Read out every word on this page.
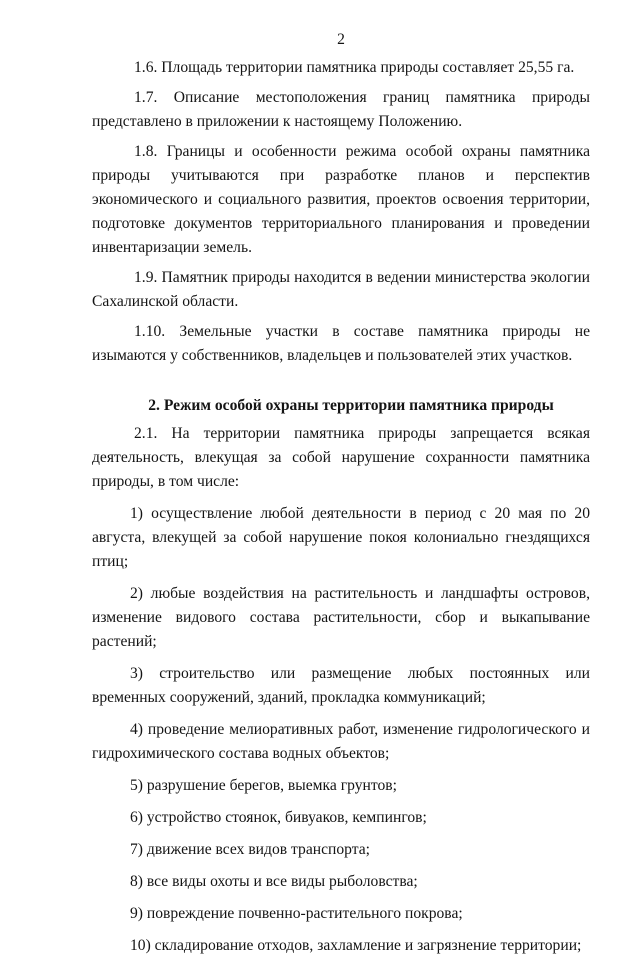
2

1.6. Площадь территории памятника природы составляет 25,55 га.

1.7. Описание местоположения границ памятника природы представлено в приложении к настоящему Положению.

1.8. Границы и особенности режима особой охраны памятника природы учитываются при разработке планов и перспектив экономического и социального развития, проектов освоения территории, подготовке документов территориального планирования и проведении инвентаризации земель.

1.9. Памятник природы находится в ведении министерства экологии Сахалинской области.

1.10. Земельные участки в составе памятника природы не изымаются у собственников, владельцев и пользователей этих участков.

2. Режим особой охраны территории памятника природы

2.1. На территории памятника природы запрещается всякая деятельность, влекущая за собой нарушение сохранности памятника природы, в том числе:

1) осуществление любой деятельности в период с 20 мая по 20 августа, влекущей за собой нарушение покоя колониально гнездящихся птиц;

2) любые воздействия на растительность и ландшафты островов, изменение видового состава растительности, сбор и выкапывание растений;

3) строительство или размещение любых постоянных или временных сооружений, зданий, прокладка коммуникаций;

4) проведение мелиоративных работ, изменение гидрологического и гидрохимического состава водных объектов;

5) разрушение берегов, выемка грунтов;

6) устройство стоянок, бивуаков, кемпингов;

7) движение всех видов транспорта;

8) все виды охоты и все виды рыболовства;

9) повреждение почвенно-растительного покрова;

10) складирование отходов, захламление и загрязнение территории;
